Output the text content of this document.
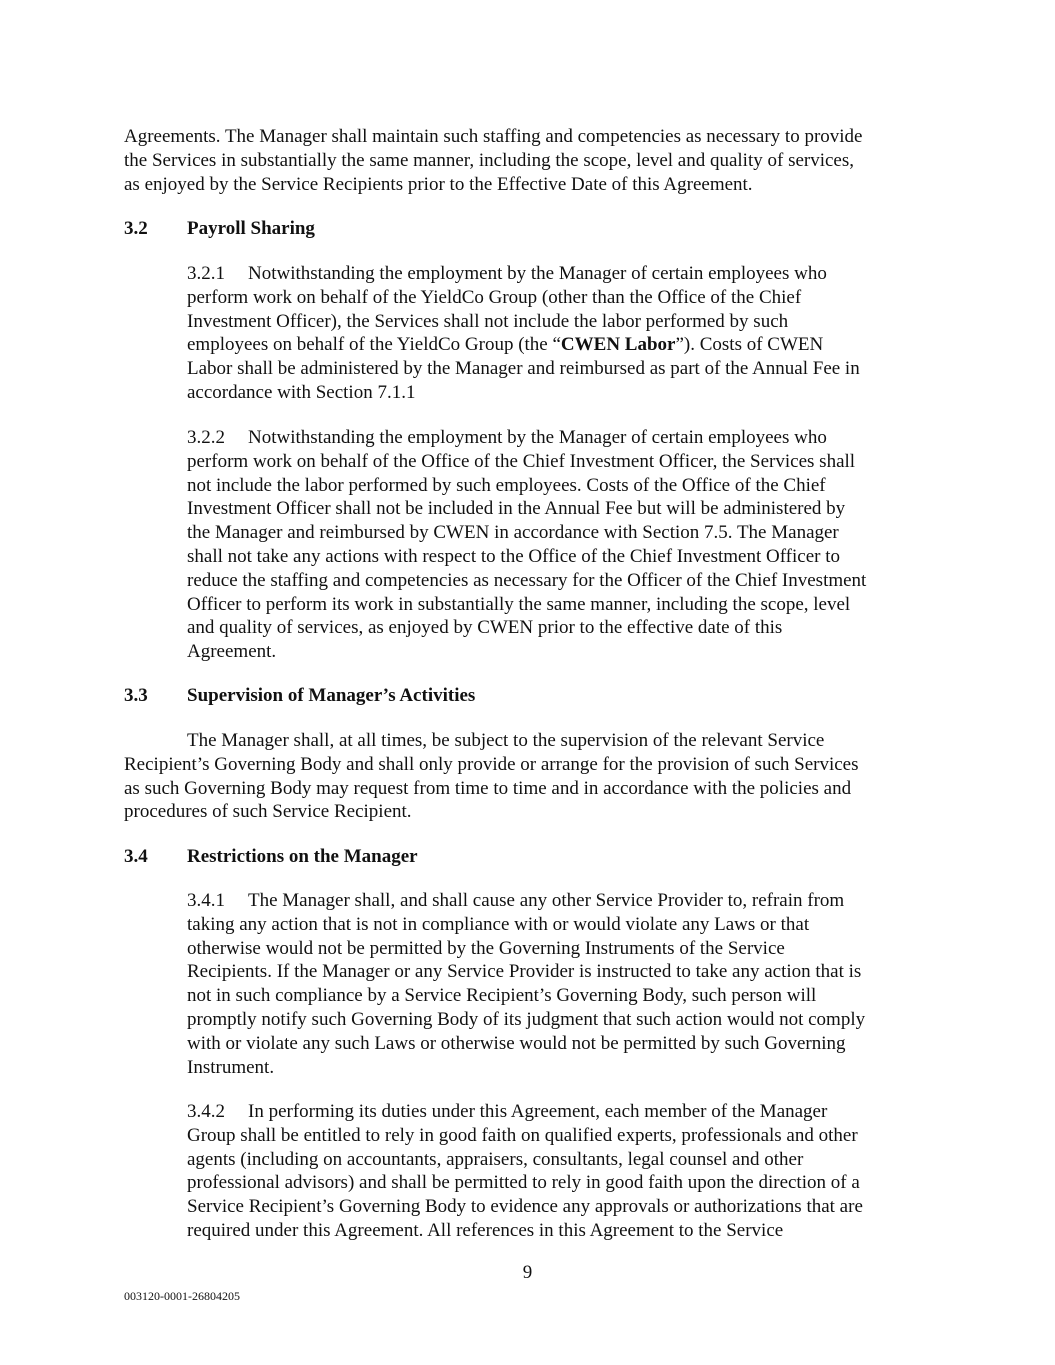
Agreements. The Manager shall maintain such staffing and competencies as necessary to provide
the Services in substantially the same manner, including the scope, level and quality of services,
as enjoyed by the Service Recipients prior to the Effective Date of this Agreement.
3.2 Payroll Sharing
3.2.1 Notwithstanding the employment by the Manager of certain employees who
perform work on behalf of the YieldCo Group (other than the Office of the Chief
Investment Officer), the Services shall not include the labor performed by such
employees on behalf of the YieldCo Group (the “CWEN Labor”). Costs of CWEN
Labor shall be administered by the Manager and reimbursed as part of the Annual Fee in
accordance with Section 7.1.1
3.2.2 Notwithstanding the employment by the Manager of certain employees who
perform work on behalf of the Office of the Chief Investment Officer, the Services shall
not include the labor performed by such employees. Costs of the Office of the Chief
Investment Officer shall not be included in the Annual Fee but will be administered by
the Manager and reimbursed by CWEN in accordance with Section 7.5. The Manager
shall not take any actions with respect to the Office of the Chief Investment Officer to
reduce the staffing and competencies as necessary for the Officer of the Chief Investment
Officer to perform its work in substantially the same manner, including the scope, level
and quality of services, as enjoyed by CWEN prior to the effective date of this
Agreement.
3.3 Supervision of Manager’s Activities
The Manager shall, at all times, be subject to the supervision of the relevant Service
Recipient’s Governing Body and shall only provide or arrange for the provision of such Services
as such Governing Body may request from time to time and in accordance with the policies and
procedures of such Service Recipient.
3.4 Restrictions on the Manager
3.4.1 The Manager shall, and shall cause any other Service Provider to, refrain from
taking any action that is not in compliance with or would violate any Laws or that
otherwise would not be permitted by the Governing Instruments of the Service
Recipients. If the Manager or any Service Provider is instructed to take any action that is
not in such compliance by a Service Recipient’s Governing Body, such person will
promptly notify such Governing Body of its judgment that such action would not comply
with or violate any such Laws or otherwise would not be permitted by such Governing
Instrument.
3.4.2 In performing its duties under this Agreement, each member of the Manager
Group shall be entitled to rely in good faith on qualified experts, professionals and other
agents (including on accountants, appraisers, consultants, legal counsel and other
professional advisors) and shall be permitted to rely in good faith upon the direction of a
Service Recipient’s Governing Body to evidence any approvals or authorizations that are
required under this Agreement. All references in this Agreement to the Service
9
003120-0001-26804205
